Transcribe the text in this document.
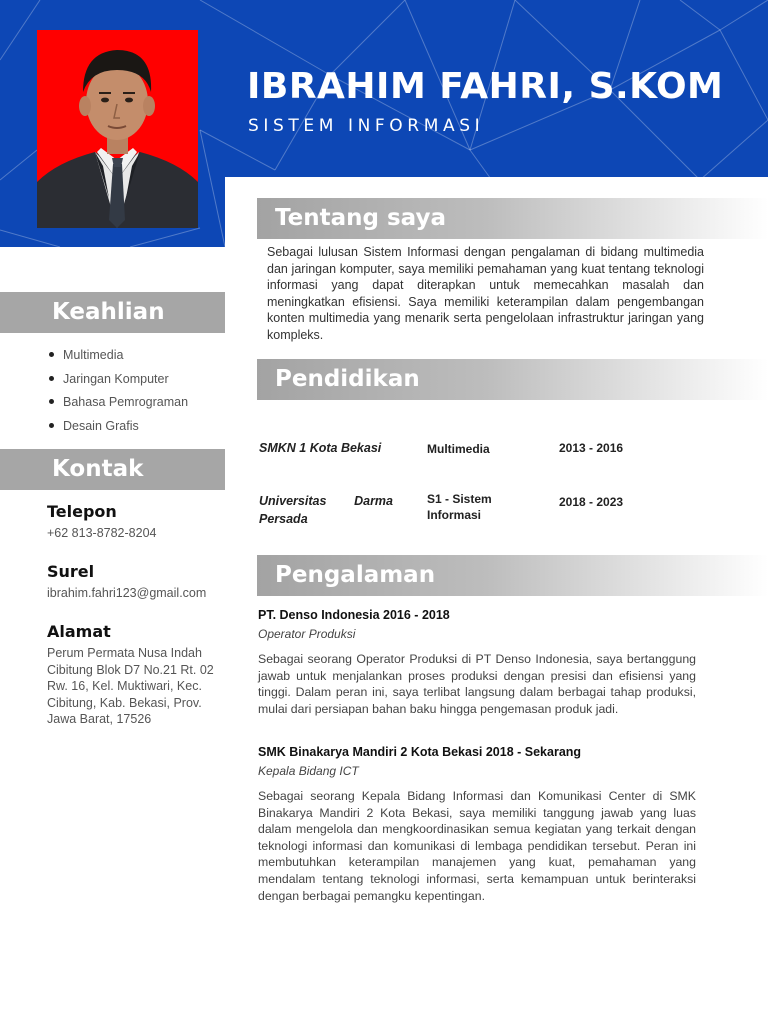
IBRAHIM FAHRI, S.KOM
SISTEM INFORMASI
Keahlian
Multimedia
Jaringan Komputer
Bahasa Pemrograman
Desain Grafis
Kontak
Telepon
+62 813-8782-8204
Surel
ibrahim.fahri123@gmail.com
Alamat
Perum Permata Nusa Indah Cibitung Blok D7 No.21 Rt. 02 Rw. 16, Kel. Muktiwari, Kec. Cibitung, Kab. Bekasi, Prov. Jawa Barat, 17526
Tentang saya
Sebagai lulusan Sistem Informasi dengan pengalaman di bidang multimedia dan jaringan komputer, saya memiliki pemahaman yang kuat tentang teknologi informasi yang dapat diterapkan untuk memecahkan masalah dan meningkatkan efisiensi. Saya memiliki keterampilan dalam pengembangan konten multimedia yang menarik serta pengelolaan infrastruktur jaringan yang kompleks.
Pendidikan
SMKN 1 Kota Bekasi	Multimedia	2013 - 2016
Universitas Darma Persada
S1 - Sistem Informasi
2018 - 2023
Pengalaman
PT. Denso Indonesia 2016 - 2018
Operator Produksi
Sebagai seorang Operator Produksi di PT Denso Indonesia, saya bertanggung jawab untuk menjalankan proses produksi dengan presisi dan efisiensi yang tinggi. Dalam peran ini, saya terlibat langsung dalam berbagai tahap produksi, mulai dari persiapan bahan baku hingga pengemasan produk jadi.
SMK Binakarya Mandiri 2 Kota Bekasi 2018 - Sekarang
Kepala Bidang ICT
Sebagai seorang Kepala Bidang Informasi dan Komunikasi Center di SMK Binakarya Mandiri 2 Kota Bekasi, saya memiliki tanggung jawab yang luas dalam mengelola dan mengkoordinasikan semua kegiatan yang terkait dengan teknologi informasi dan komunikasi di lembaga pendidikan tersebut. Peran ini membutuhkan keterampilan manajemen yang kuat, pemahaman yang mendalam tentang teknologi informasi, serta kemampuan untuk berinteraksi dengan berbagai pemangku kepentingan.
